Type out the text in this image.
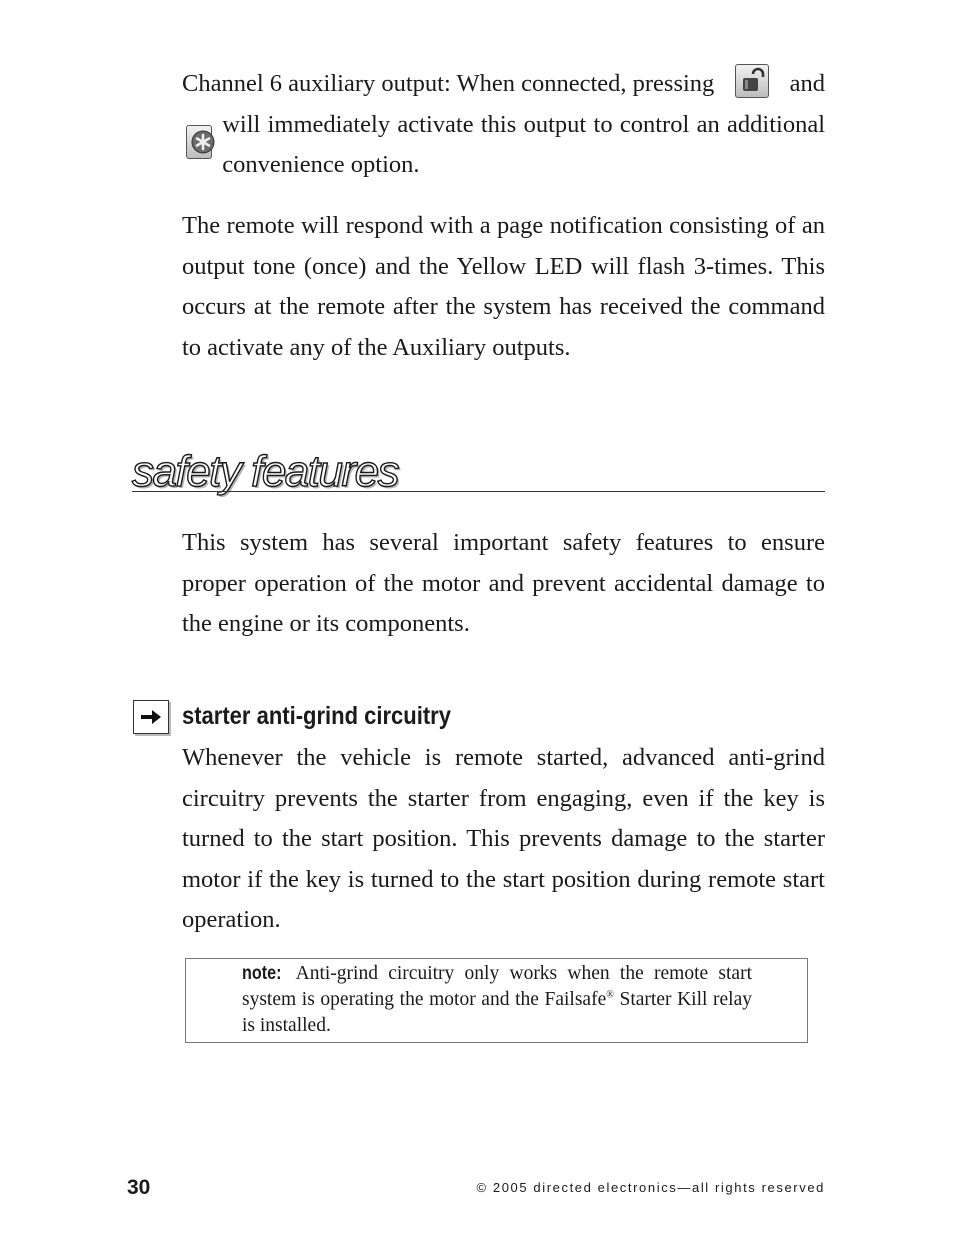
Channel 6 auxiliary output: When connected, pressing	and
will immediately activate this output to control an additional convenience option.

The remote will respond with a page notification consisting of an output tone (once) and the Yellow LED will flash 3-times. This occurs at the remote after the system has received the command to activate any of the Auxiliary outputs.

safety features

This system has several important safety features to ensure proper operation of the motor and prevent accidental damage to the engine or its components.

starter anti-grind circuitry

Whenever the vehicle is remote started, advanced anti-grind circuitry prevents the starter from engaging, even if the key is turned to the start position. This prevents damage to the starter motor if the key is turned to the start position during remote start operation.

note: Anti-grind circuitry only works when the remote start system is operating the motor and the Failsafe® Starter Kill relay is installed.

30	© 2005 directed electronics—all rights reserved
